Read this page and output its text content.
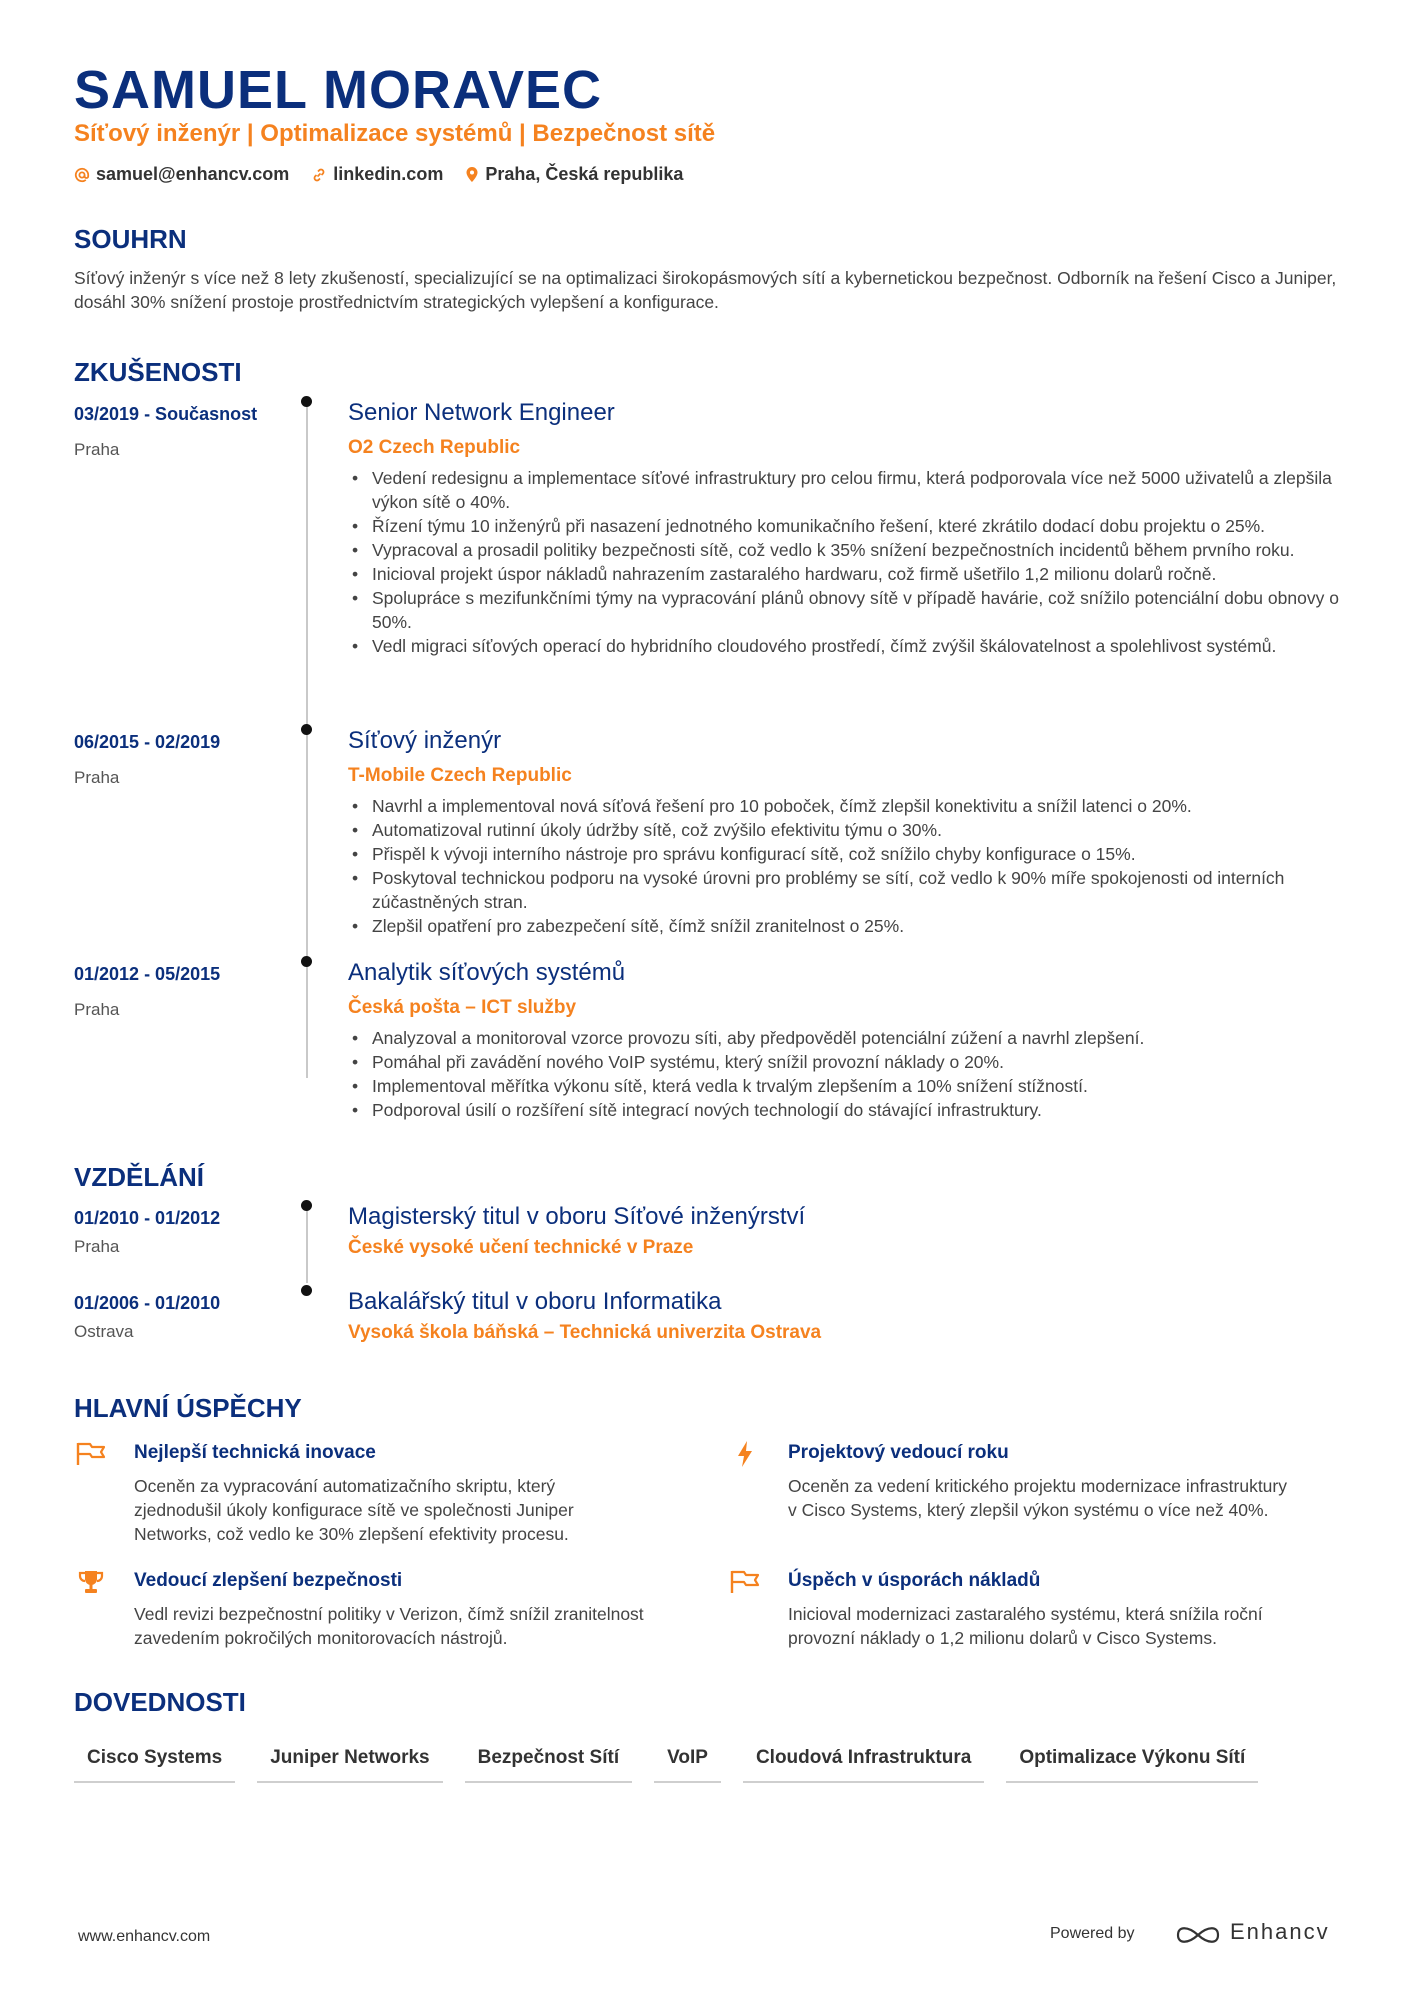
SAMUEL MORAVEC
Síťový inženýr | Optimalizace systémů | Bezpečnost sítě
samuel@enhancv.com linkedin.com Praha, Česká republika
SOUHRN

Síťový inženýr s více než 8 lety zkušeností, specializující se na optimalizaci širokopásmových sítí a kybernetickou bezpečnost. Odborník na řešení Cisco a Juniper, dosáhl 30% snížení prostoje prostřednictvím strategických vylepšení a konfigurace.

ZKUŠENOSTI
03/2019 - Současnost
Praha
Senior Network Engineer
O2 Czech Republic
• Vedení redesignu a implementace síťové infrastruktury pro celou firmu, která podporovala více než 5000 uživatelů a zlepšila výkon sítě o 40%.
• Řízení týmu 10 inženýrů při nasazení jednotného komunikačního řešení, které zkrátilo dodací dobu projektu o 25%.
• Vypracoval a prosadil politiky bezpečnosti sítě, což vedlo k 35% snížení bezpečnostních incidentů během prvního roku.
• Inicioval projekt úspor nákladů nahrazením zastaralého hardwaru, což firmě ušetřilo 1,2 milionu dolarů ročně.
• Spolupráce s mezifunkčními týmy na vypracování plánů obnovy sítě v případě havárie, což snížilo potenciální dobu obnovy o 50%.
• Vedl migraci síťových operací do hybridního cloudového prostředí, čímž zvýšil škálovatelnost a spolehlivost systémů.
06/2015 - 02/2019
Praha
Síťový inženýr
T-Mobile Czech Republic
• Navrhl a implementoval nová síťová řešení pro 10 poboček, čímž zlepšil konektivitu a snížil latenci o 20%.
• Automatizoval rutinní úkoly údržby sítě, což zvýšilo efektivitu týmu o 30%.
• Přispěl k vývoji interního nástroje pro správu konfigurací sítě, což snížilo chyby konfigurace o 15%.
• Poskytoval technickou podporu na vysoké úrovni pro problémy se sítí, což vedlo k 90% míře spokojenosti od interních zúčastněných stran.
• Zlepšil opatření pro zabezpečení sítě, čímž snížil zranitelnost o 25%.
01/2012 - 05/2015
Praha
Analytik síťových systémů
Česká pošta – ICT služby
• Analyzoval a monitoroval vzorce provozu síti, aby předpověděl potenciální zúžení a navrhl zlepšení.
• Pomáhal při zavádění nového VoIP systému, který snížil provozní náklady o 20%.
• Implementoval měřítka výkonu sítě, která vedla k trvalým zlepšením a 10% snížení stížností.
• Podporoval úsilí o rozšíření sítě integrací nových technologií do stávající infrastruktury.
VZDĚLÁNÍ
01/2010 - 01/2012
Praha
Magisterský titul v oboru Síťové inženýrství
České vysoké učení technické v Praze
01/2006 - 01/2010
Ostrava
Bakalářský titul v oboru Informatika
Vysoká škola báňská – Technická univerzita Ostrava
HLAVNÍ ÚSPĚCHY
Nejlepší technická inovace
Oceněn za vypracování automatizačního skriptu, který
zjednodušil úkoly konfigurace sítě ve společnosti Juniper
Networks, což vedlo ke 30% zlepšení efektivity procesu.
Projektový vedoucí roku
Oceněn za vedení kritického projektu modernizace infrastruktury
v Cisco Systems, který zlepšil výkon systému o více než 40%.
Vedoucí zlepšení bezpečnosti
Vedl revizi bezpečnostní politiky v Verizon, čímž snížil zranitelnost
zavedením pokročilých monitorovacích nástrojů.
Úspěch v úsporách nákladů
Inicioval modernizaci zastaralého systému, která snížila roční
provozní náklady o 1,2 milionu dolarů v Cisco Systems.
DOVEDNOSTI
Cisco Systems	Juniper Networks	Bezpečnost Sítí	VoIP	Cloudová Infrastruktura	Optimalizace Výkonu Sítí
www.enhancv.com	Powered by	Enhancv
